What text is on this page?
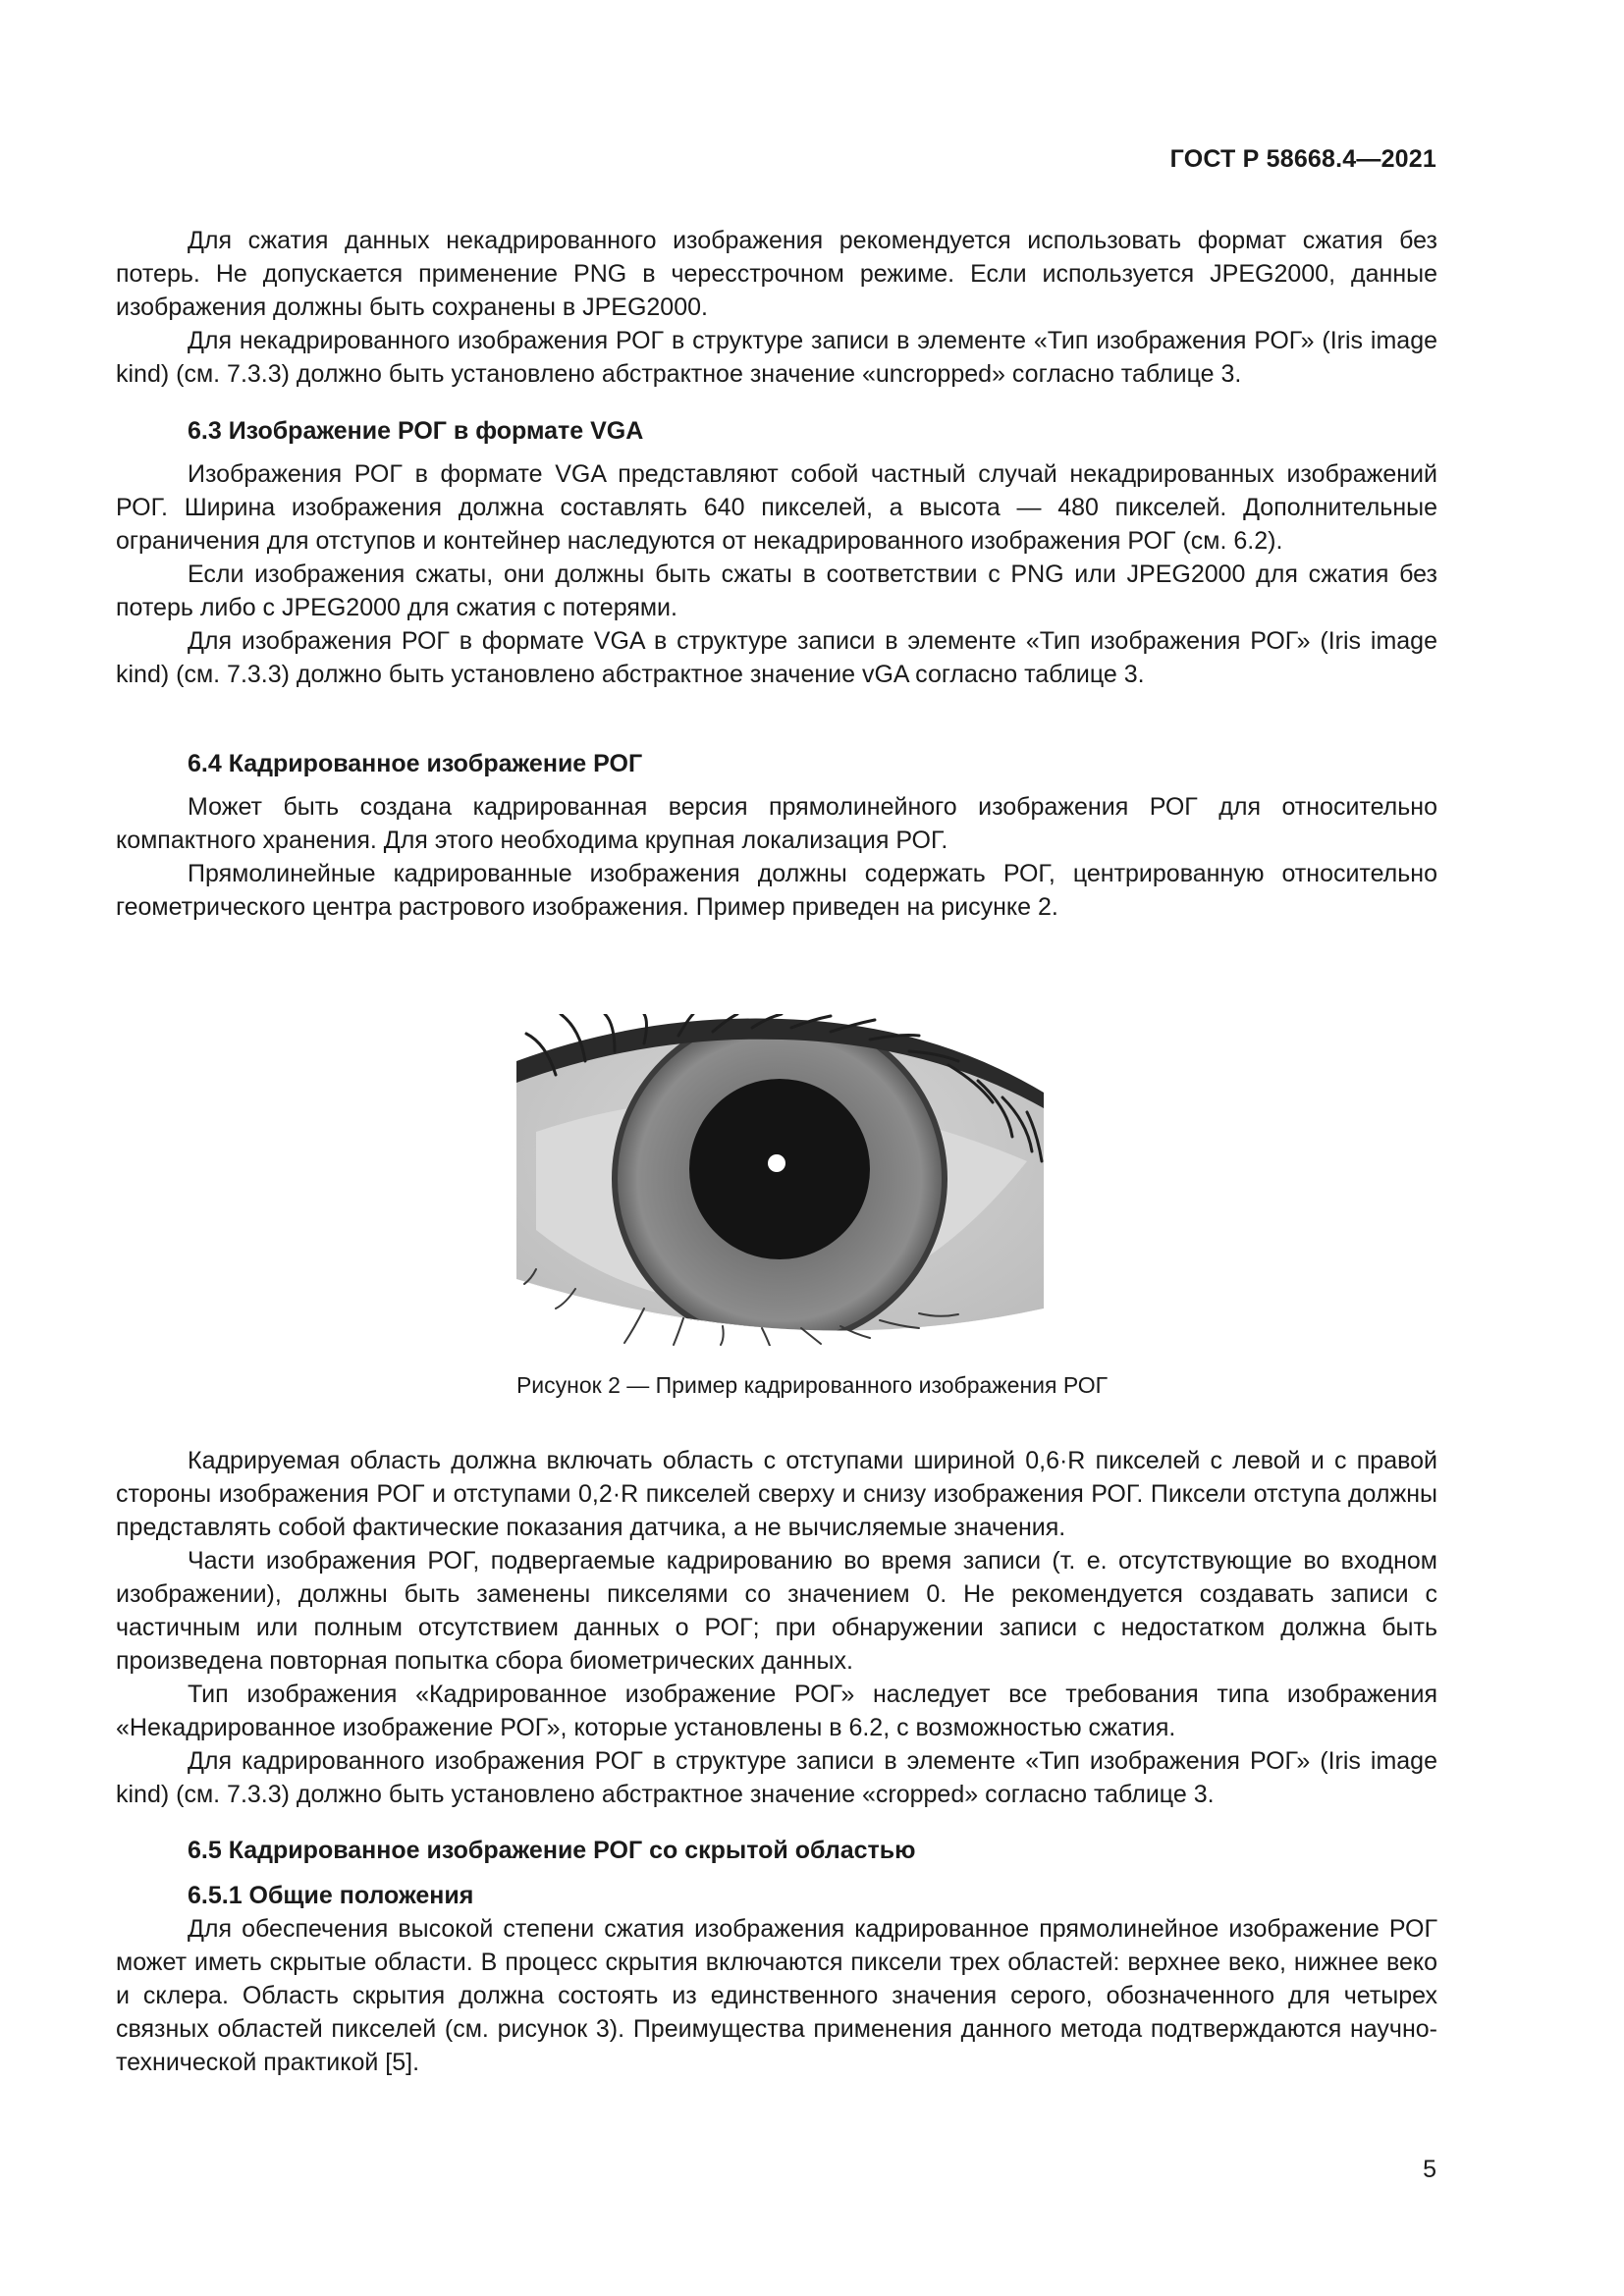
ГОСТ Р 58668.4—2021

Для сжатия данных некадрированного изображения рекомендуется использовать формат сжатия без потерь. Не допускается применение PNG в чересстрочном режиме. Если используется JPEG2000, данные изображения должны быть сохранены в JPEG2000.

Для некадрированного изображения РОГ в структуре записи в элементе «Тип изображения РОГ» (Iris image kind) (см. 7.3.3) должно быть установлено абстрактное значение «uncropped» согласно таблице 3.

6.3 Изображение РОГ в формате VGA

Изображения РОГ в формате VGA представляют собой частный случай некадрированных изображений РОГ. Ширина изображения должна составлять 640 пикселей, а высота — 480 пикселей. Дополнительные ограничения для отступов и контейнер наследуются от некадрированного изображения РОГ (см. 6.2).

Если изображения сжаты, они должны быть сжаты в соответствии с PNG или JPEG2000 для сжатия без потерь либо с JPEG2000 для сжатия с потерями.

Для изображения РОГ в формате VGA в структуре записи в элементе «Тип изображения РОГ» (Iris image kind) (см. 7.3.3) должно быть установлено абстрактное значение vGA согласно таблице 3.

6.4 Кадрированное изображение РОГ

Может быть создана кадрированная версия прямолинейного изображения РОГ для относительно компактного хранения. Для этого необходима крупная локализация РОГ.

Прямолинейные кадрированные изображения должны содержать РОГ, центрированную относительно геометрического центра растрового изображения. Пример приведен на рисунке 2.

Рисунок 2 — Пример кадрированного изображения РОГ

Кадрируемая область должна включать область с отступами шириной 0,6·R пикселей с левой и с правой стороны изображения РОГ и отступами 0,2·R пикселей сверху и снизу изображения РОГ. Пиксели отступа должны представлять собой фактические показания датчика, а не вычисляемые значения.

Части изображения РОГ, подвергаемые кадрированию во время записи (т. е. отсутствующие во входном изображении), должны быть заменены пикселями со значением 0. Не рекомендуется создавать записи с частичным или полным отсутствием данных о РОГ; при обнаружении записи с недостатком должна быть произведена повторная попытка сбора биометрических данных.

Тип изображения «Кадрированное изображение РОГ» наследует все требования типа изображения «Некадрированное изображение РОГ», которые установлены в 6.2, с возможностью сжатия.

Для кадрированного изображения РОГ в структуре записи в элементе «Тип изображения РОГ» (Iris image kind) (см. 7.3.3) должно быть установлено абстрактное значение «cropped» согласно таблице 3.

6.5 Кадрированное изображение РОГ со скрытой областью
6.5.1 Общие положения

Для обеспечения высокой степени сжатия изображения кадрированное прямолинейное изображение РОГ может иметь скрытые области. В процесс скрытия включаются пиксели трех областей: верхнее веко, нижнее веко и склера. Область скрытия должна состоять из единственного значения серого, обозначенного для четырех связных областей пикселей (см. рисунок 3). Преимущества применения данного метода подтверждаются научно-технической практикой [5].

5
